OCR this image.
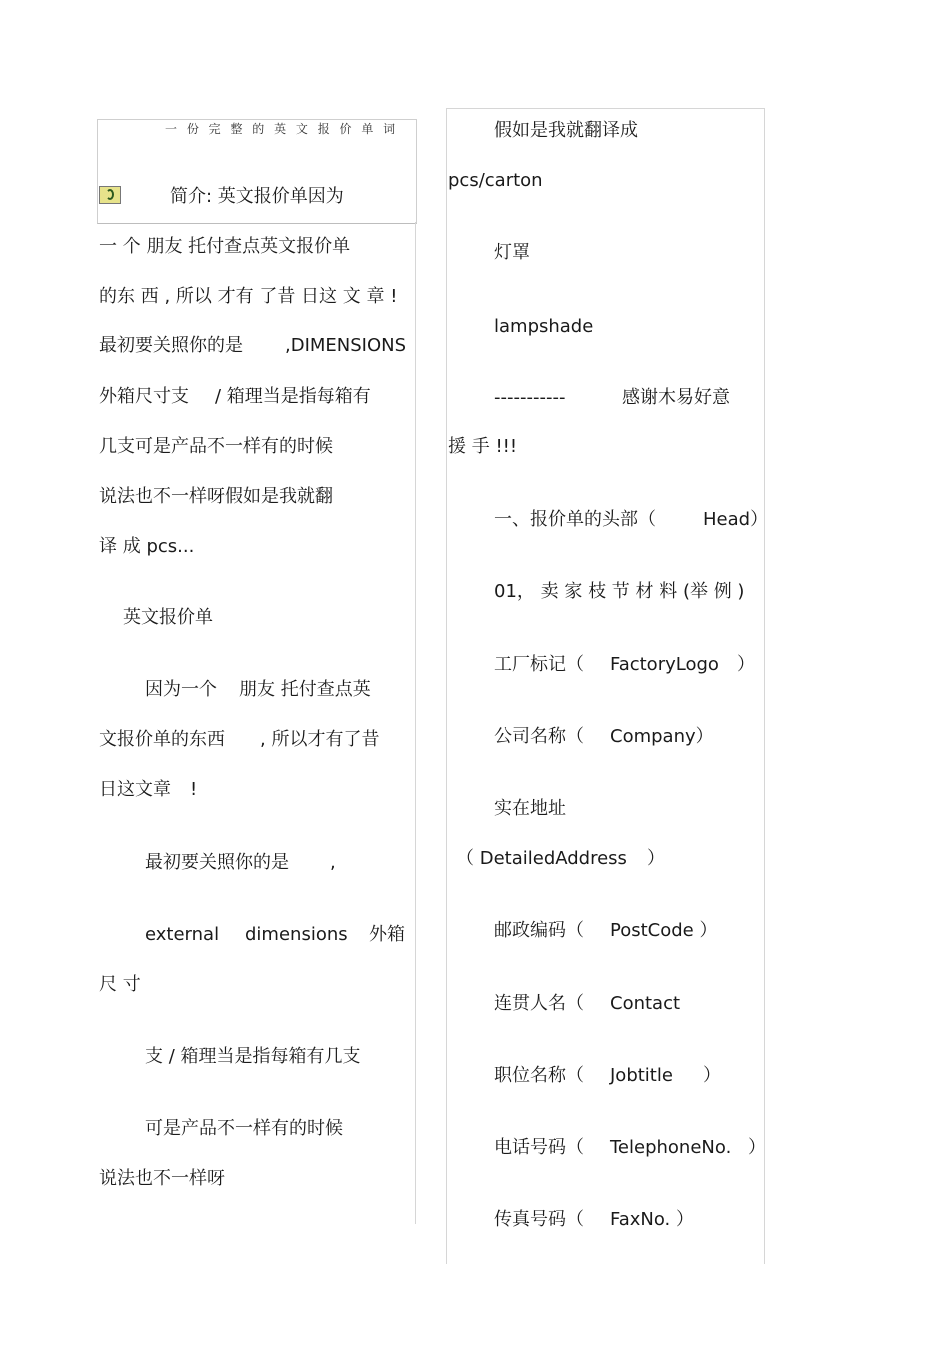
一 份 完 整 的 英 文 报 价 单 词
简介: 英文报价单因为
一 个 朋友 托付查点英文报价单
的东 西 , 所以 才有 了昔 日这 文 章 !
最初要关照你的是 ,DIMENSIONS
外箱尺寸支 / 箱理当是指每箱有
几支可是产品不一样有的时候
说法也不一样呀假如是我就翻
译 成 pcs...
英文报价单
因为一个 朋友 托付查点英
文报价单的东西 , 所以才有了昔
日这文章 !
最初要关照你的是 ,
external dimensions 外箱
尺 寸
支 / 箱理当是指每箱有几支
可是产品不一样有的时候
说法也不一样呀
假如是我就翻译成
pcs/carton
灯罩
lampshade
-----------	感谢木易好意
援 手 !!!
一、报价单的头部（	Head）
01， 卖 家 枝 节 材 料 (举 例 )
工厂标记（ FactoryLogo ）
公司名称（ Company）
实在地址
（ DetailedAddress ）
邮政编码（ PostCode ）
连贯人名（ Contact
职位名称（ Jobtitle ）
电话号码（ TelephoneNo. ）
传真号码（ FaxNo. ）
